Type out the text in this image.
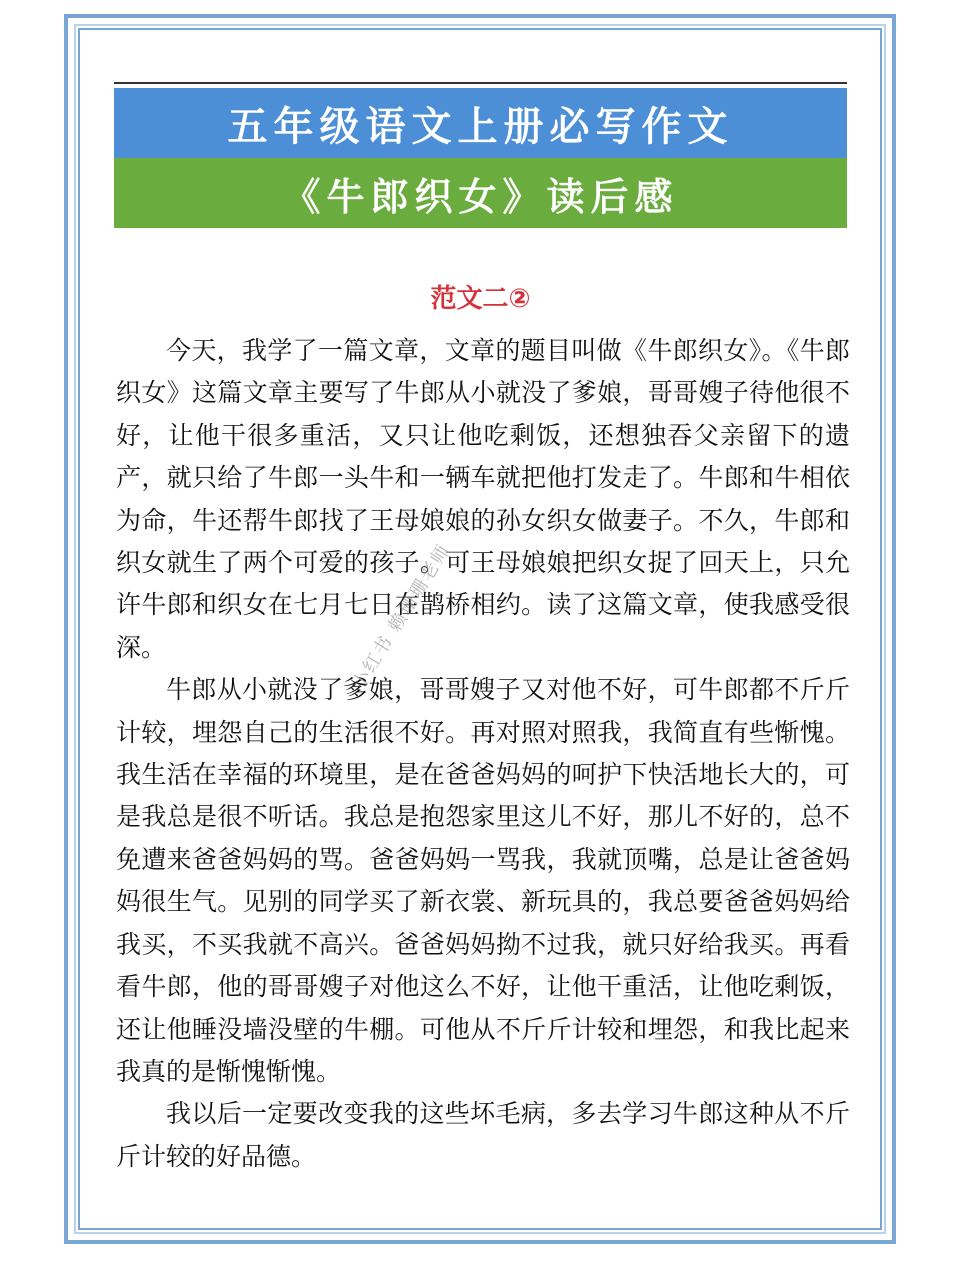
五年级语文上册必写作文
《牛郎织女》读后感
范文二②

今天，我学了一篇文章，文章的题目叫做《牛郎织女》。《牛郎织女》这篇文章主要写了牛郎从小就没了爹娘，哥哥嫂子待他很不好，让他干很多重活，又只让他吃剩饭，还想独吞父亲留下的遗产，就只给了牛郎一头牛和一辆车就把他打发走了。牛郎和牛相依为命，牛还帮牛郎找了王母娘娘的孙女织女做妻子。不久，牛郎和织女就生了两个可爱的孩子。可王母娘娘把织女捉了回天上，只允许牛郎和织女在七月七日在鹊桥相约。读了这篇文章，使我感受很深。

牛郎从小就没了爹娘，哥哥嫂子又对他不好，可牛郎都不斤斤计较，埋怨自己的生活很不好。再对照对照我，我简直有些惭愧。我生活在幸福的环境里，是在爸爸妈妈的呵护下快活地长大的，可是我总是很不听话。我总是抱怨家里这儿不好，那儿不好的，总不免遭来爸爸妈妈的骂。爸爸妈妈一骂我，我就顶嘴，总是让爸爸妈妈很生气。见别的同学买了新衣裳、新玩具的，我总要爸爸妈妈给我买，不买我就不高兴。爸爸妈妈拗不过我，就只好给我买。再看看牛郎，他的哥哥嫂子对他这么不好，让他干重活，让他吃剩饭，还让他睡没墙没壁的牛棚。可他从不斤斤计较和埋怨，和我比起来我真的是惭愧惭愧。

我以后一定要改变我的这些坏毛病，多去学习牛郎这种从不斤斤计较的好品德。

小红书 赖珊珊老师
